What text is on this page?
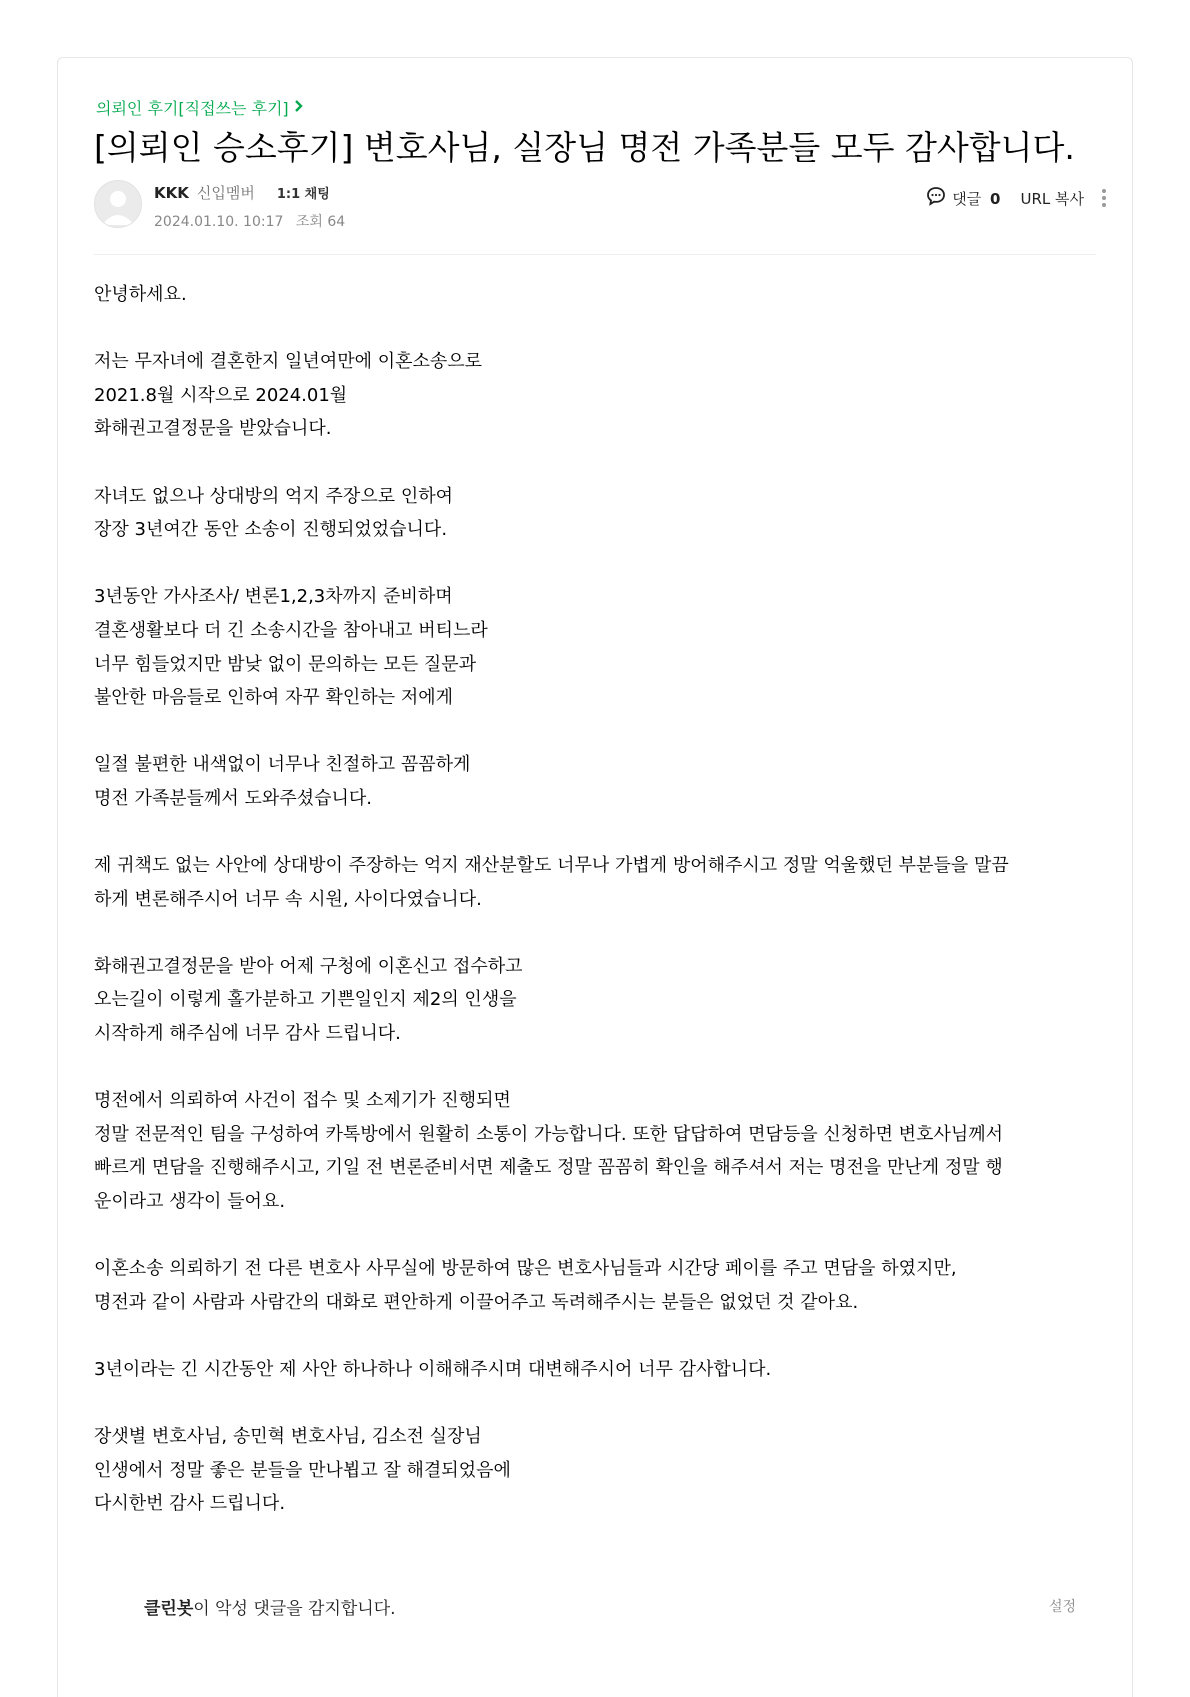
의뢰인 후기[직접쓰는 후기]
[의뢰인 승소후기] 변호사님, 실장님 명전 가족분들 모두 감사합니다.
KKK 신입멤버 1:1 채팅
2024.01.10. 10:17 조회 64
댓글 0 URL 복사

안녕하세요.

저는 무자녀에 결혼한지 일년여만에 이혼소송으로

2021.8월 시작으로 2024.01월

화해권고결정문을 받았습니다.

자녀도 없으나 상대방의 억지 주장으로 인하여

장장 3년여간 동안 소송이 진행되었었습니다.

3년동안 가사조사/ 변론1,2,3차까지 준비하며

결혼생활보다 더 긴 소송시간을 참아내고 버티느라

너무 힘들었지만 밤낮 없이 문의하는 모든 질문과

불안한 마음들로 인하여 자꾸 확인하는 저에게

일절 불편한 내색없이 너무나 친절하고 꼼꼼하게

명전 가족분들께서 도와주셨습니다.

제 귀책도 없는 사안에 상대방이 주장하는 억지 재산분할도 너무나 가볍게 방어해주시고 정말 억울했던 부분들을 말끔

하게 변론해주시어 너무 속 시원, 사이다였습니다.

화해권고결정문을 받아 어제 구청에 이혼신고 접수하고

오는길이 이렇게 홀가분하고 기쁜일인지 제2의 인생을

시작하게 해주심에 너무 감사 드립니다.

명전에서 의뢰하여 사건이 접수 및 소제기가 진행되면

정말 전문적인 팀을 구성하여 카톡방에서 원활히 소통이 가능합니다. 또한 답답하여 면담등을 신청하면 변호사님께서

빠르게 면담을 진행해주시고, 기일 전 변론준비서면 제출도 정말 꼼꼼히 확인을 해주셔서 저는 명전을 만난게 정말 행

운이라고 생각이 들어요.

이혼소송 의뢰하기 전 다른 변호사 사무실에 방문하여 많은 변호사님들과 시간당 페이를 주고 면담을 하였지만,

명전과 같이 사람과 사람간의 대화로 편안하게 이끌어주고 독려해주시는 분들은 없었던 것 같아요.

3년이라는 긴 시간동안 제 사안 하나하나 이해해주시며 대변해주시어 너무 감사합니다.

장샛별 변호사님, 송민혁 변호사님, 김소전 실장님

인생에서 정말 좋은 분들을 만나뵙고 잘 해결되었음에

다시한번 감사 드립니다.

클린봇이 악성 댓글을 감지합니다.	설정
